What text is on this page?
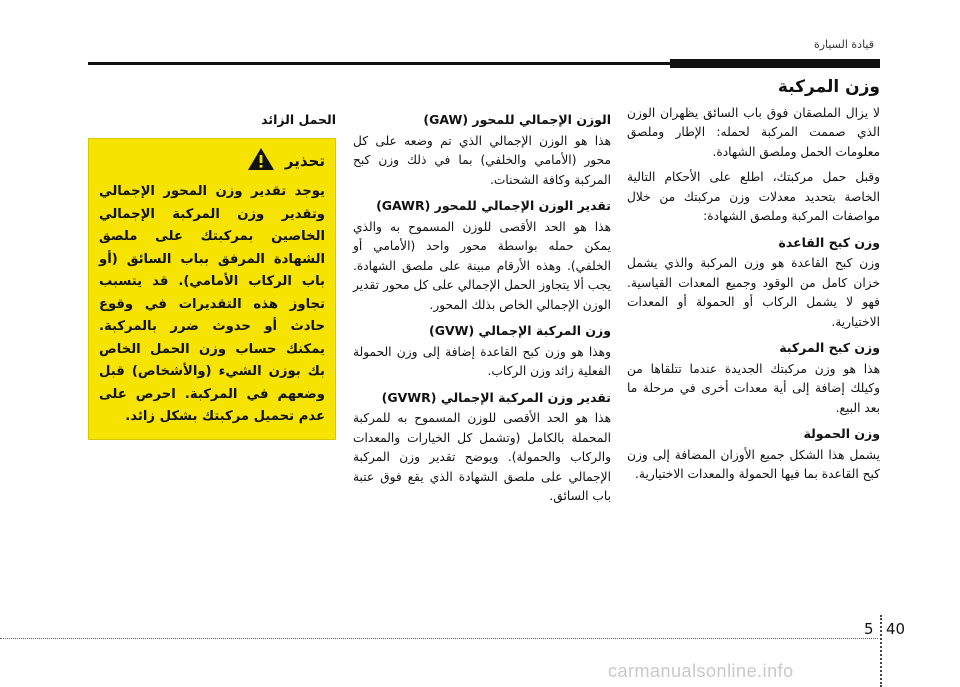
قيادة السيارة
وزن المركبة

لا يزال الملصقان فوق باب السائق يظهران الوزن الذي صممت المركبة لحمله: الإطار وملصق معلومات الحمل وملصق الشهادة.

وقبل حمل مركبتك، اطلع على الأحكام التالية الخاصة بتحديد معدلات وزن مركبتك من خلال مواصفات المركبة وملصق الشهادة:

وزن كبح القاعدة

وزن كبح القاعدة هو وزن المركبة والذي يشمل خزان كامل من الوقود وجميع المعدات القياسية. فهو لا يشمل الركاب أو الحمولة أو المعدات الاختيارية.

وزن كبح المركبة

هذا هو وزن مركبتك الجديدة عندما تتلقاها من وكيلك إضافة إلى أية معدات أخرى في مرحلة ما بعد البيع.

وزن الحمولة

يشمل هذا الشكل جميع الأوزان المضافة إلى وزن كبح القاعدة بما فيها الحمولة والمعدات الاختيارية.

الوزن الإجمالي للمحور (GAW)

هذا هو الوزن الإجمالي الذي تم وضعه على كل محور (الأمامي والخلفي) بما في ذلك وزن كبح المركبة وكافة الشحنات.

تقدير الوزن الإجمالي للمحور (GAWR)

هذا هو الحد الأقصى للوزن المسموح به والذي يمكن حمله بواسطة محور واحد (الأمامي أو الخلفي). وهذه الأرقام مبينة على ملصق الشهادة. يجب ألا يتجاوز الحمل الإجمالي على كل محور تقدير الوزن الإجمالي الخاص بذلك المحور.

وزن المركبة الإجمالي (GVW)

وهذا هو وزن كبح القاعدة إضافة إلى وزن الحمولة الفعلية زائد وزن الركاب.

تقدير وزن المركبة الإجمالي (GVWR)

هذا هو الحد الأقصى للوزن المسموح به للمركبة المحملة بالكامل (وتشمل كل الخيارات والمعدات والركاب والحمولة). ويوضح تقدير وزن المركبة الإجمالي على ملصق الشهادة الذي يقع فوق عتبة باب السائق.

الحمل الزائد
تحذير
يوجد تقدير وزن المحور الإجمالي وتقدير وزن المركبة الإجمالي الخاصين بمركبتك على ملصق الشهادة المرفق بباب السائق (أو باب الركاب الأمامي). قد يتسبب تجاوز هذه التقديرات في وقوع حادث أو حدوث ضرر بالمركبة. يمكنك حساب وزن الحمل الخاص بك بوزن الشيء (والأشخاص) قبل وضعهم في المركبة. احرص على عدم تحميل مركبتك بشكل زائد.
5 40
carmanualsonline.info
